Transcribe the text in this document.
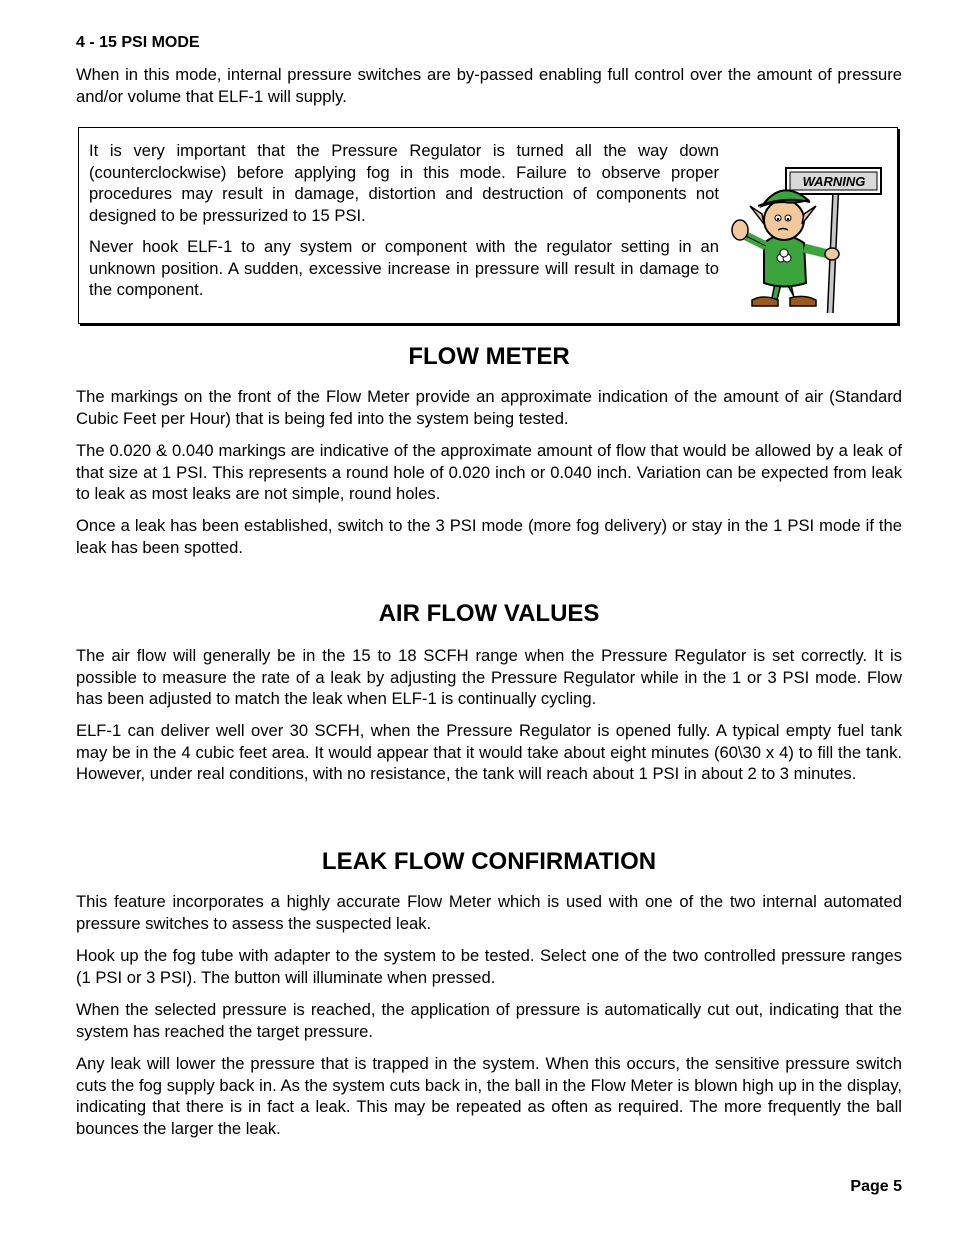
4 - 15 PSI MODE

When in this mode, internal pressure switches are by-passed enabling full control over the amount of pressure and/or volume that ELF-1 will supply.

It is very important that the Pressure Regulator is turned all the way down (counterclockwise) before applying fog in this mode. Failure to observe proper procedures may result in damage, distortion and destruction of components not designed to be pressurized to 15 PSI.

Never hook ELF-1 to any system or component with the regulator setting in an unknown position. A sudden, excessive increase in pressure will result in damage to the component.

WARNING
FLOW METER

The markings on the front of the Flow Meter provide an approximate indication of the amount of air (Standard Cubic Feet per Hour) that is being fed into the system being tested.

The 0.020 & 0.040 markings are indicative of the approximate amount of flow that would be allowed by a leak of that size at 1 PSI. This represents a round hole of 0.020 inch or 0.040 inch. Variation can be expected from leak to leak as most leaks are not simple, round holes.

Once a leak has been established, switch to the 3 PSI mode (more fog delivery) or stay in the 1 PSI mode if the leak has been spotted.

AIR FLOW VALUES

The air flow will generally be in the 15 to 18 SCFH range when the Pressure Regulator is set correctly. It is possible to measure the rate of a leak by adjusting the Pressure Regulator while in the 1 or 3 PSI mode. Flow has been adjusted to match the leak when ELF-1 is continually cycling.

ELF-1 can deliver well over 30 SCFH, when the Pressure Regulator is opened fully. A typical empty fuel tank may be in the 4 cubic feet area. It would appear that it would take about eight minutes (60\30 x 4) to fill the tank. However, under real conditions, with no resistance, the tank will reach about 1 PSI in about 2 to 3 minutes.

LEAK FLOW CONFIRMATION

This feature incorporates a highly accurate Flow Meter which is used with one of the two internal automated pressure switches to assess the suspected leak.

Hook up the fog tube with adapter to the system to be tested. Select one of the two controlled pressure ranges (1 PSI or 3 PSI). The button will illuminate when pressed.

When the selected pressure is reached, the application of pressure is automatically cut out, indicating that the system has reached the target pressure.

Any leak will lower the pressure that is trapped in the system. When this occurs, the sensitive pressure switch cuts the fog supply back in. As the system cuts back in, the ball in the Flow Meter is blown high up in the display, indicating that there is in fact a leak. This may be repeated as often as required. The more frequently the ball bounces the larger the leak.

Page 5
